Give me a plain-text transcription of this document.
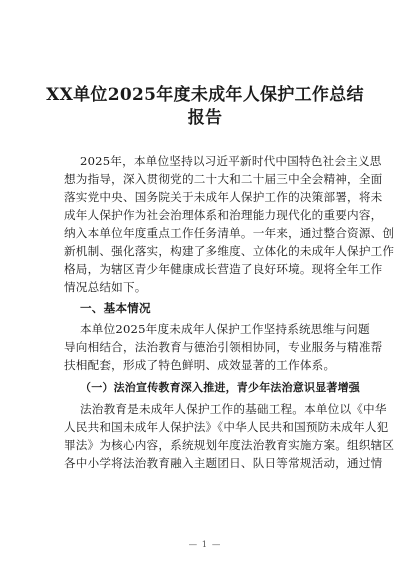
XX单位2025年度未成年人保护工作总结
报告
2025年，本单位坚持以习近平新时代中国特色社会主义思
想为指导，深入贯彻党的二十大和二十届三中全会精神，全面
落实党中央、国务院关于未成年人保护工作的决策部署，将未
成年人保护作为社会治理体系和治理能力现代化的重要内容，
纳入本单位年度重点工作任务清单。一年来，通过整合资源、创
新机制、强化落实，构建了多维度、立体化的未成年人保护工作
格局，为辖区青少年健康成长营造了良好环境。现将全年工作
情况总结如下。
一、基本情况
本单位2025年度未成年人保护工作坚持系统思维与问题
导向相结合，法治教育与德治引领相协同，专业服务与精准帮
扶相配套，形成了特色鲜明、成效显著的工作体系。
（一）法治宣传教育深入推进，青少年法治意识显著增强
法治教育是未成年人保护工作的基础工程。本单位以《中华
人民共和国未成年人保护法》《中华人民共和国预防未成年人犯
罪法》为核心内容，系统规划年度法治教育实施方案。组织辖区
各中小学将法治教育融入主题团日、队日等常规活动，通过情
— 1 —
